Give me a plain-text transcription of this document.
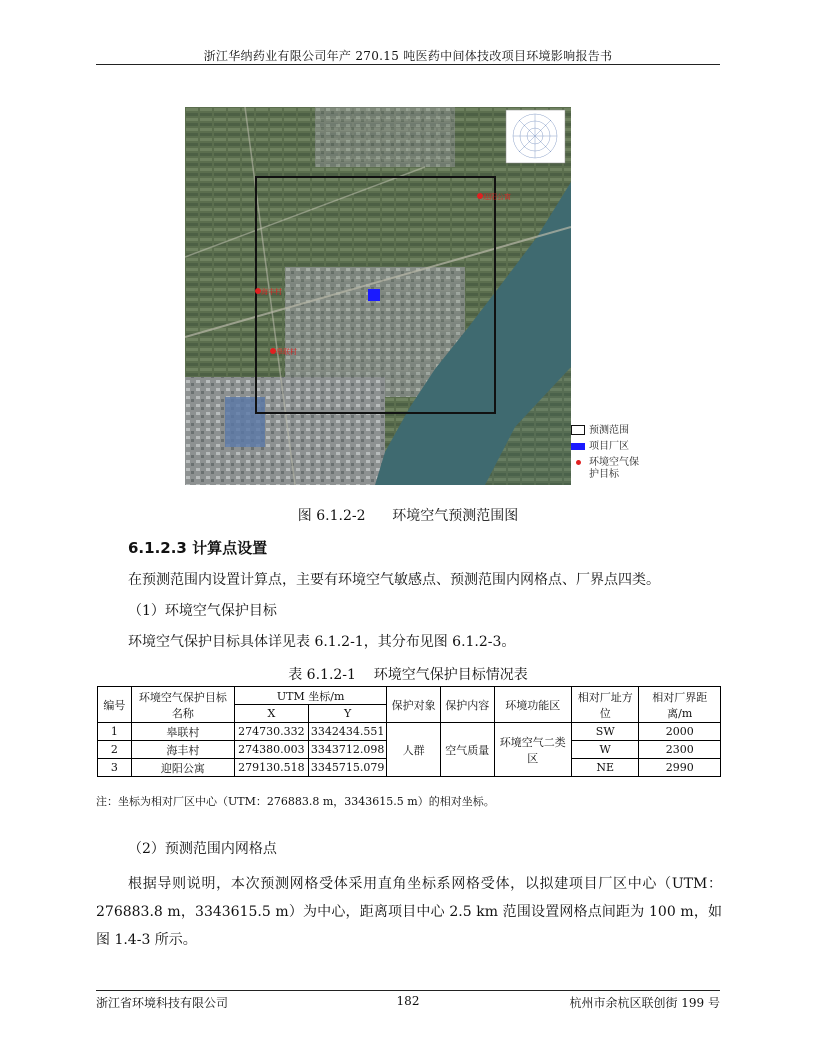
浙江华纳药业有限公司年产 270.15 吨医药中间体技改项目环境影响报告书
迎阳公寓
海丰村
皋联村
预测范围
项目厂区
环境空气保护目标
图 6.1.2-2      环境空气预测范围图
6.1.2.3 计算点设置
在预测范围内设置计算点，主要有环境空气敏感点、预测范围内网格点、厂界点四类。
（1）环境空气保护目标
环境空气保护目标具体详见表 6.1.2-1，其分布见图 6.1.2-3。
表 6.1.2-1    环境空气保护目标情况表
编号	环境空气保护目标名称	UTM 坐标/m		保护对象	保护内容	环境功能区	相对厂址方位	相对厂界距离/m
		X	Y					
1	皋联村	274730.332	3342434.551	人群	空气质量	环境空气二类区	SW	2000
2	海丰村	274380.003	3343712.098				W	2300
3	迎阳公寓	279130.518	3345715.079				NE	2990
注：坐标为相对厂区中心（UTM：276883.8 m，3343615.5 m）的相对坐标。
（2）预测范围内网格点
根据导则说明，本次预测网格受体采用直角坐标系网格受体，以拟建项目厂区中心（UTM：276883.8 m，3343615.5 m）为中心，距离项目中心 2.5 km 范围设置网格点间距为 100 m，如图 1.4-3 所示。
浙江省环境科技有限公司	182	杭州市余杭区联创街 199 号
